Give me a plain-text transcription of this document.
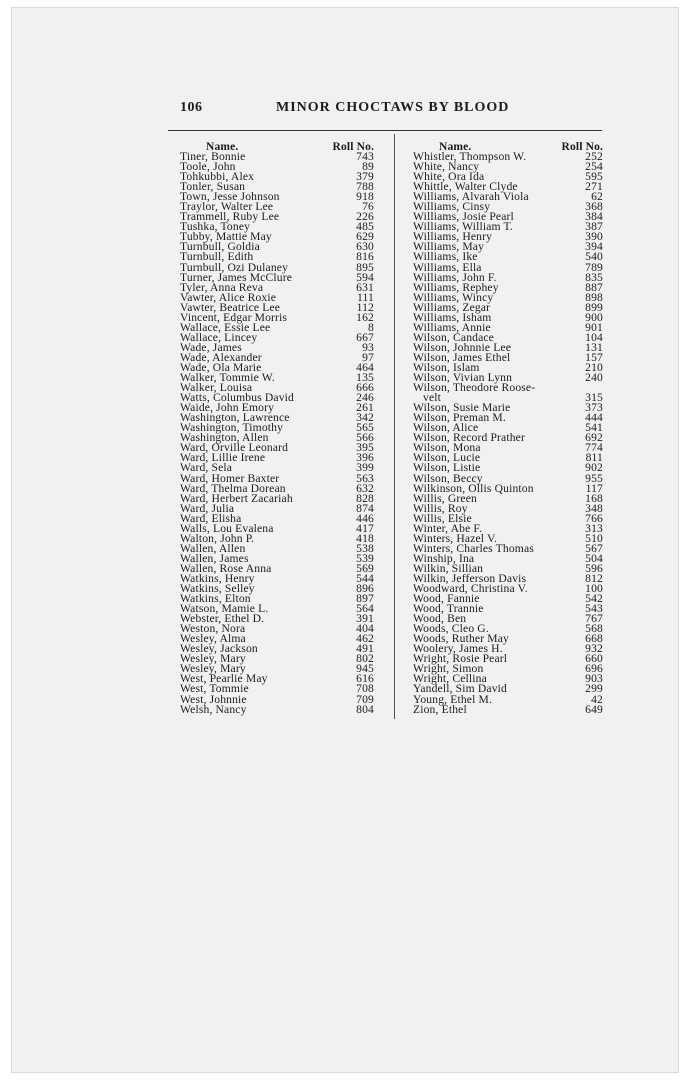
106	MINOR CHOCTAWS BY BLOOD
Name.	Roll No.
Tiner, Bonnie	743
Toole, John	89
Tohkubbi, Alex	379
Tonler, Susan	788
Town, Jesse Johnson	918
Traylor, Walter Lee	76
Trammell, Ruby Lee	226
Tushka, Toney	485
Tubby, Mattie May	629
Turnbull, Goldia	630
Turnbull, Edith	816
Turnbull, Ozi Dulaney	895
Turner, James McClure	594
Tyler, Anna Reva	631
Vawter, Alice Roxie	111
Vawter, Beatrice Lee	112
Vincent, Edgar Morris	162
Wallace, Essie Lee	8
Wallace, Lincey	667
Wade, James	93
Wade, Alexander	97
Wade, Ola Marie	464
Walker, Tommie W.	135
Walker, Louisa	666
Watts, Columbus David	246
Waide, John Emory	261
Washington, Lawrence	342
Washington, Timothy	565
Washington, Allen	566
Ward, Orville Leonard	395
Ward, Lillie Irene	396
Ward, Sela	399
Ward, Homer Baxter	563
Ward, Thelma Dorean	632
Ward, Herbert Zacariah	828
Ward, Julia	874
Ward, Elisha	446
Walls, Lou Evalena	417
Walton, John P.	418
Wallen, Allen	538
Wallen, James	539
Wallen, Rose Anna	569
Watkins, Henry	544
Watkins, Selley	896
Watkins, Elton	897
Watson, Mamie L.	564
Webster, Ethel D.	391
Weston, Nora	404
Wesley, Alma	462
Wesley, Jackson	491
Wesley, Mary	802
Wesley, Mary	945
West, Pearlie May	616
West, Tommie	708
West, Johnnie	709
Welsh, Nancy	804
Name.	Roll No.
Whistler, Thompson W.	252
White, Nancy	254
White, Ora Ida	595
Whittle, Walter Clyde	271
Williams, Alvarah Viola	62
Williams, Cinsy	368
Williams, Josie Pearl	384
Williams, William T.	387
Williams, Henry	390
Williams, May	394
Williams, Ike	540
Williams, Ella	789
Williams, John F.	835
Williams, Rephey	887
Williams, Wincy	898
Williams, Zegar	899
Williams, Isham	900
Williams, Annie	901
Wilson, Candace	104
Wilson, Johnnie Lee	131
Wilson, James Ethel	157
Wilson, Islam	210
Wilson, Vivian Lynn	240
Wilson, Theodore Roose-
velt	315
Wilson, Susie Marie	373
Wilson, Preman M.	444
Wilson, Alice	541
Wilson, Record Prather	692
Wilson, Mona	774
Wilson, Lucie	811
Wilson, Listie	902
Wilson, Beccy	955
Wilkinson, Ollis Quinton	117
Willis, Green	168
Willis, Roy	348
Willis, Elsie	766
Winter, Abe F.	313
Winters, Hazel V.	510
Winters, Charles Thomas	567
Winship, Ina	504
Wilkin, Sillian	596
Wilkin, Jefferson Davis	812
Woodward, Christina V.	100
Wood, Fannie	542
Wood, Trannie	543
Wood, Ben	767
Woods, Cleo G.	568
Woods, Ruther May	668
Woolery, James H.	932
Wright, Rosie Pearl	660
Wright, Simon	696
Wright, Cellina	903
Yandell, Sim David	299
Young, Ethel M.	42
Zion, Ethel	649
